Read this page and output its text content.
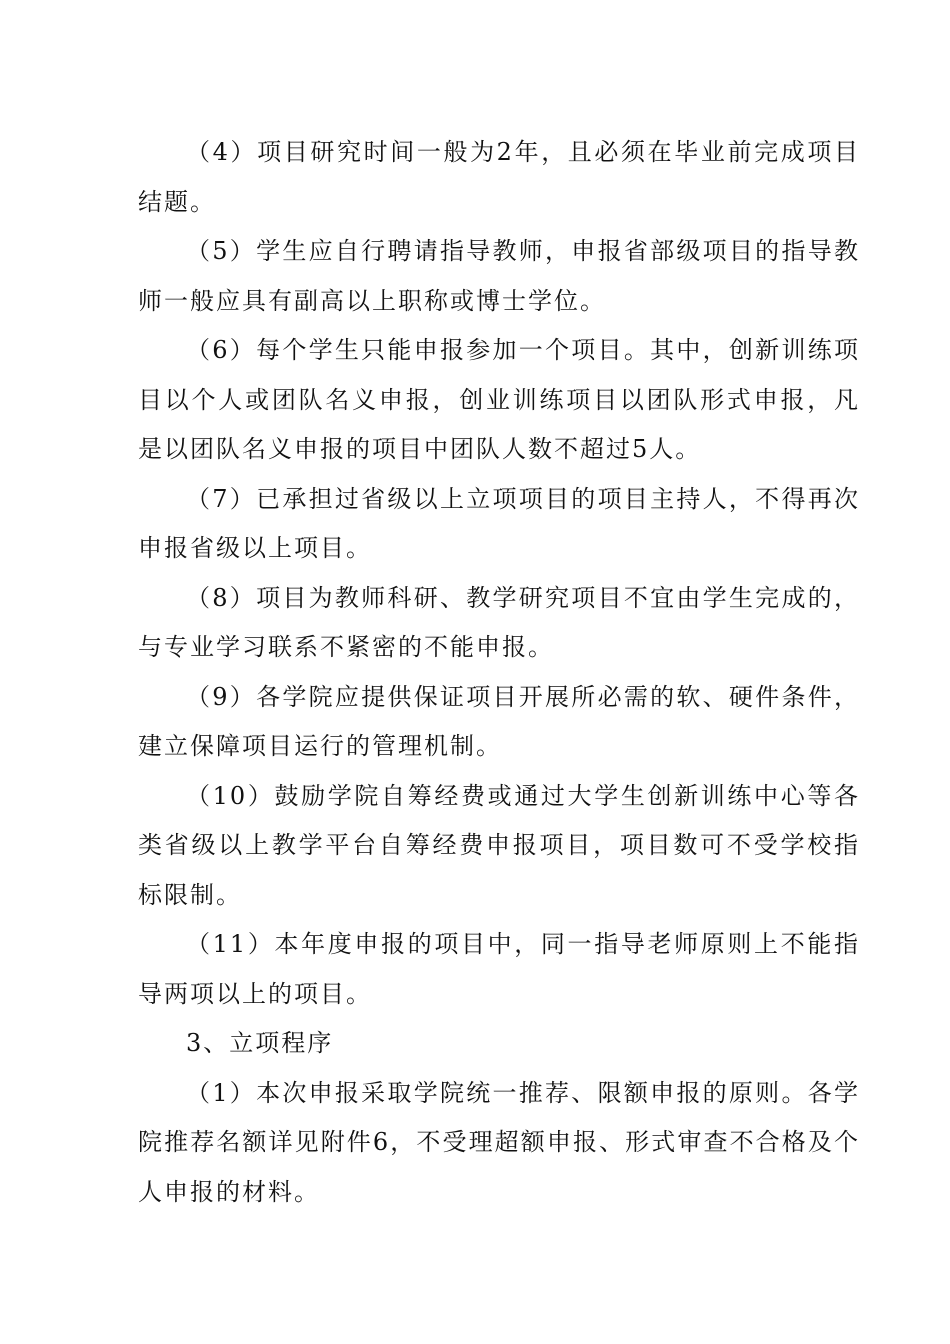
（4）项目研究时间一般为2年，且必须在毕业前完成项目结题。

（5）学生应自行聘请指导教师，申报省部级项目的指导教师一般应具有副高以上职称或博士学位。

（6）每个学生只能申报参加一个项目。其中，创新训练项目以个人或团队名义申报，创业训练项目以团队形式申报，凡是以团队名义申报的项目中团队人数不超过5人。

（7）已承担过省级以上立项项目的项目主持人，不得再次申报省级以上项目。

（8）项目为教师科研、教学研究项目不宜由学生完成的，与专业学习联系不紧密的不能申报。

（9）各学院应提供保证项目开展所必需的软、硬件条件，建立保障项目运行的管理机制。

（10）鼓励学院自筹经费或通过大学生创新训练中心等各类省级以上教学平台自筹经费申报项目，项目数可不受学校指标限制。

（11）本年度申报的项目中，同一指导老师原则上不能指导两项以上的项目。

3、立项程序

（1）本次申报采取学院统一推荐、限额申报的原则。各学院推荐名额详见附件6，不受理超额申报、形式审查不合格及个人申报的材料。
